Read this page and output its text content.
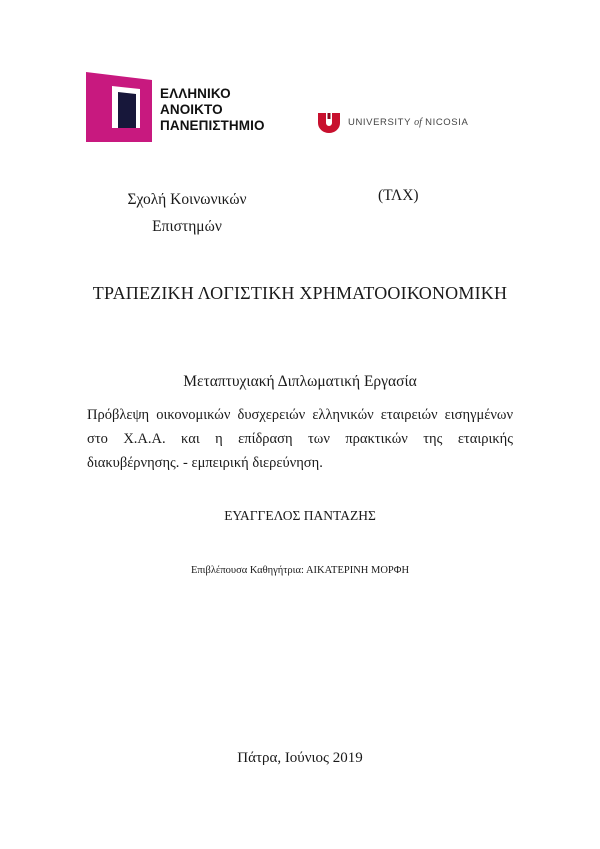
ΕΛΛΗΝΙΚΟ
ΑΝΟΙΚΤΟ
ΠΑΝΕΠΙΣΤΗΜΙΟ	UNIVERSITY of NICOSIA
Σχολή Κοινωνικών
Επιστημών
(ΤΛΧ)
ΤΡΑΠΕΖΙΚΗ ΛΟΓΙΣΤΙΚΗ ΧΡΗΜΑΤΟΟΙΚΟΝΟΜΙΚΗ
Μεταπτυχιακή Διπλωματική Εργασία
Πρόβλεψη οικονομικών δυσχερειών ελληνικών εταιρειών εισηγμένων στο Χ.Α.Α. και η επίδραση των πρακτικών της εταιρικής διακυβέρνησης. - εμπειρική διερεύνηση.
ΕΥΑΓΓΕΛΟΣ ΠΑΝΤΑΖΗΣ
Επιβλέπουσα Καθηγήτρια: ΑΙΚΑΤΕΡΙΝΗ ΜΟΡΦΗ
Πάτρα, Ιούνιος 2019
